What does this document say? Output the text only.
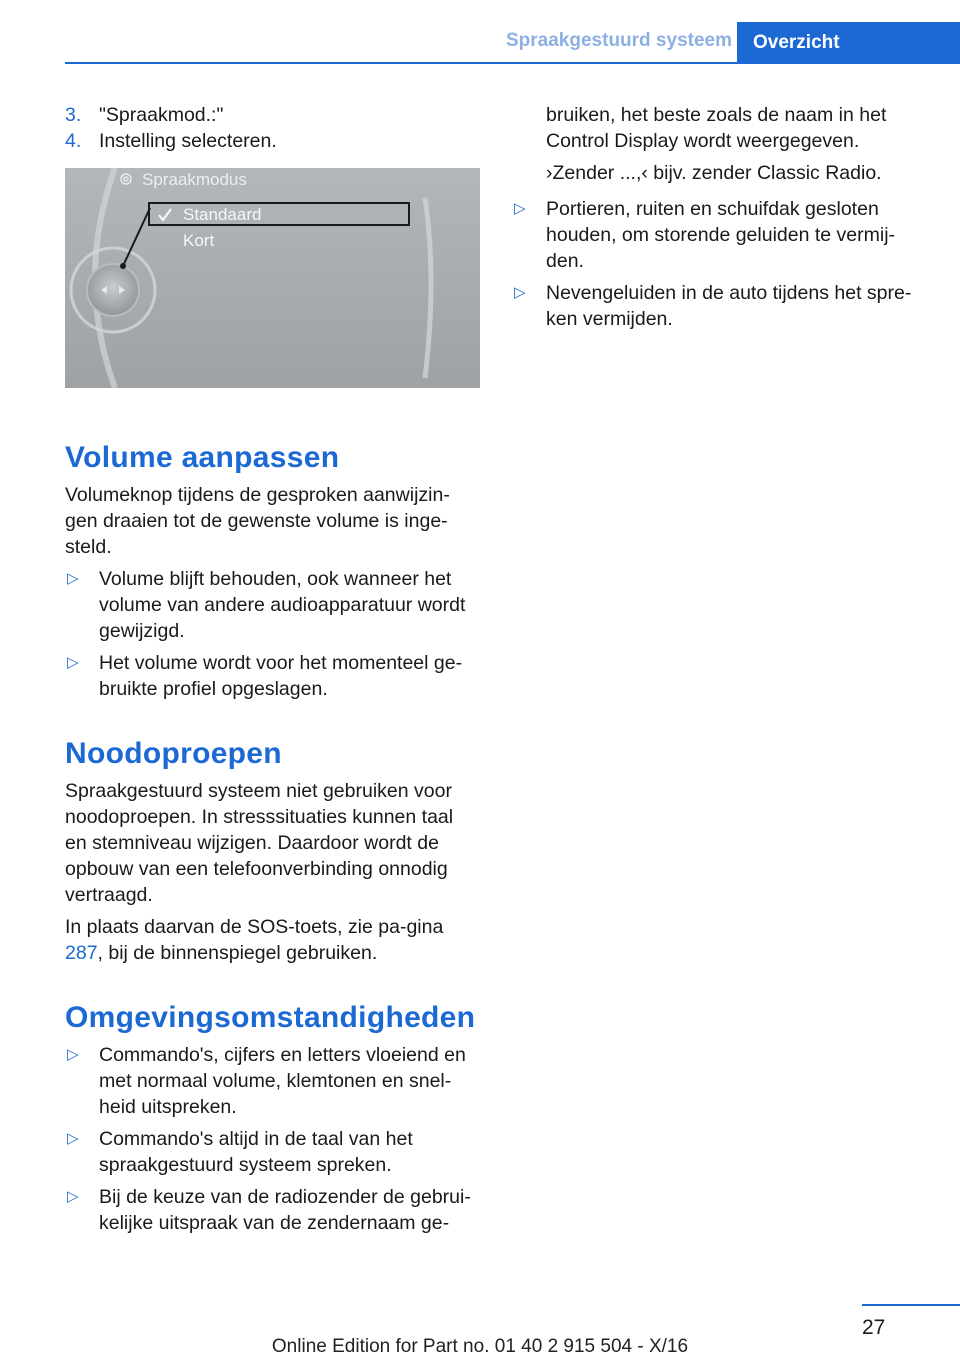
Spraakgestuurd systeem	Overzicht
3. "Spraakmod.:"
4. Instelling selecteren.
Spraakmodus
Standaard
Kort
Volume aanpassen

Volumeknop tijdens de gesproken aanwijzin-gen draaien tot de gewenste volume is inge-steld.

▷ Volume blijft behouden, ook wanneer het volume van andere audioapparatuur wordt gewijzigd.
▷ Het volume wordt voor het momenteel ge-bruikte profiel opgeslagen.
Noodoproepen

Spraakgestuurd systeem niet gebruiken voor noodoproepen. In stresssituaties kunnen taal en stemniveau wijzigen. Daardoor wordt de opbouw van een telefoonverbinding onnodig vertraagd.

In plaats daarvan de SOS-toets, zie pa-gina 287, bij de binnenspiegel gebruiken.

Omgevingsomstandigheden
▷ Commando's, cijfers en letters vloeiend en met normaal volume, klemtonen en snel-heid uitspreken.
▷ Commando's altijd in de taal van het spraakgestuurd systeem spreken.
▷ Bij de keuze van de radiozender de gebrui-kelijke uitspraak van de zendernaam ge-

bruiken, het beste zoals de naam in het Control Display wordt weergegeven.

›Zender ...,‹ bijv. zender Classic Radio.

▷ Portieren, ruiten en schuifdak gesloten houden, om storende geluiden te vermij-den.
▷ Nevengeluiden in de auto tijdens het spre-ken vermijden.
27
Online Edition for Part no. 01 40 2 915 504 - X/16
